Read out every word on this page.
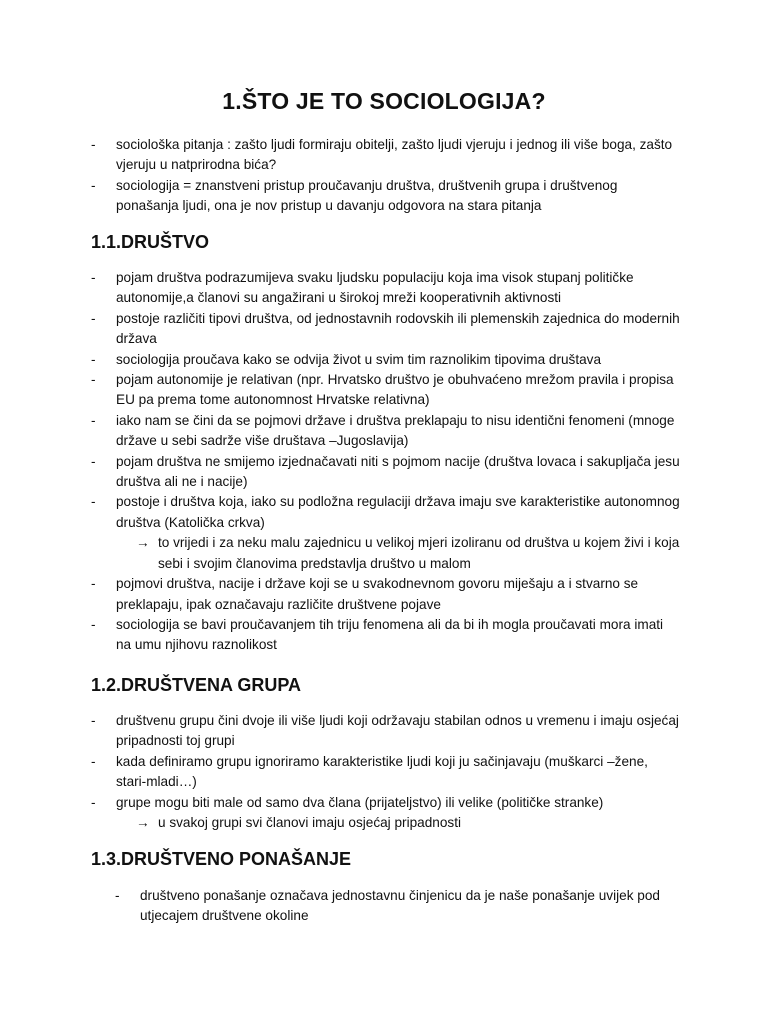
1.ŠTO JE TO SOCIOLOGIJA?
- sociološka pitanja : zašto ljudi formiraju obitelji, zašto ljudi vjeruju i jednog ili više boga, zašto vjeruju u natprirodna bića?
- sociologija = znanstveni pristup proučavanju društva, društvenih grupa i društvenog ponašanja ljudi, ona je nov pristup u davanju odgovora na stara pitanja
1.1.DRUŠTVO
- pojam društva podrazumijeva svaku ljudsku populaciju koja ima visok stupanj političke autonomije,a članovi su angažirani u širokoj mreži kooperativnih aktivnosti
- postoje različiti tipovi društva, od jednostavnih rodovskih ili plemenskih zajednica do modernih država
- sociologija proučava kako se odvija život u svim tim raznolikim tipovima društava
- pojam autonomije je relativan (npr. Hrvatsko društvo je obuhvaćeno mrežom pravila i propisa EU pa prema tome autonomnost Hrvatske relativna)
- iako nam se čini da se pojmovi države i društva preklapaju to nisu identični fenomeni (mnoge države u sebi sadrže više društava –Jugoslavija)
- pojam društva ne smijemo izjednačavati niti s pojmom nacije (društva lovaca i sakupljača jesu društva ali ne i nacije)
- postoje i društva koja, iako su podložna regulaciji država imaju sve karakteristike autonomnog društva (Katolička crkva)
→ to vrijedi i za neku malu zajednicu u velikoj mjeri izoliranu od društva u kojem živi i koja sebi i svojim članovima predstavlja društvo u malom
- pojmovi društva, nacije i države koji se u svakodnevnom govoru miješaju a i stvarno se preklapaju, ipak označavaju različite društvene pojave
- sociologija se bavi proučavanjem tih triju fenomena ali da bi ih mogla proučavati mora imati na umu njihovu raznolikost
1.2.DRUŠTVENA GRUPA
- društvenu grupu čini dvoje ili više ljudi koji održavaju stabilan odnos u vremenu i imaju osjećaj pripadnosti toj grupi
- kada definiramo grupu ignoriramo karakteristike ljudi koji ju sačinjavaju (muškarci –žene, stari-mladi…)
- grupe mogu biti male od samo dva člana (prijateljstvo) ili velike (političke stranke)
→ u svakoj grupi svi članovi imaju osjećaj pripadnosti
1.3.DRUŠTVENO PONAŠANJE
- društveno ponašanje označava jednostavnu činjenicu da je naše ponašanje uvijek pod utjecajem društvene okoline
